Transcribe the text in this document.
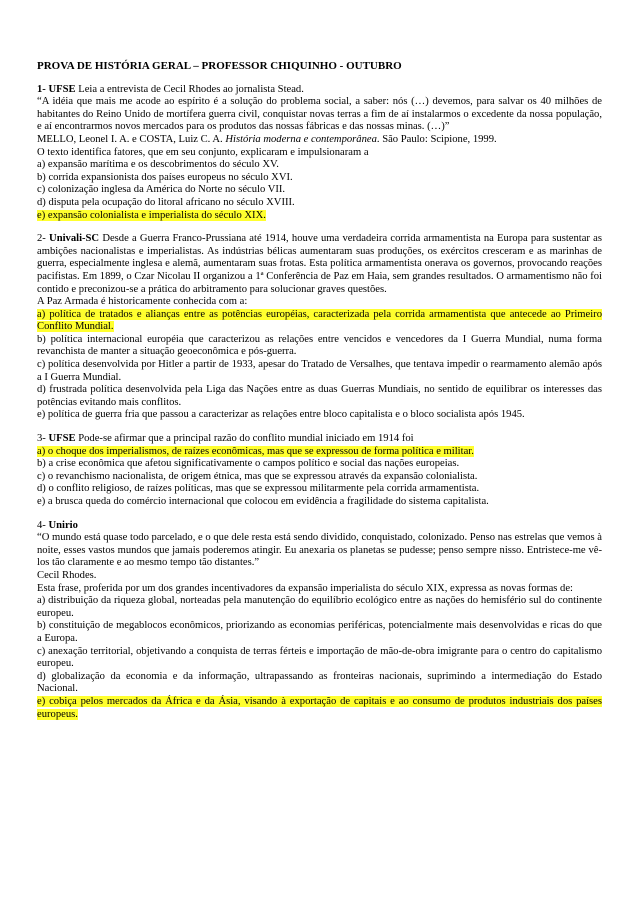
PROVA DE HISTÓRIA GERAL – PROFESSOR CHIQUINHO - OUTUBRO

1- UFSE Leia a entrevista de Cecil Rhodes ao jornalista Stead.

“A idéia que mais me acode ao espírito é a solução do problema social, a saber: nós (…) devemos, para salvar os 40 milhões de habitantes do Reino Unido de mortífera guerra civil, conquistar novas terras a fim de aí instalarmos o excedente da nossa população, e aí encontrarmos novos mercados para os produtos das nossas fábricas e das nossas minas. (…)”

MELLO, Leonel I. A. e COSTA, Luiz C. A. História moderna e contemporânea. São Paulo: Scipione, 1999.

O texto identifica fatores, que em seu conjunto, explicaram e impulsionaram a

a) expansão marítima e os descobrimentos do século XV.

b) corrida expansionista dos países europeus no século XVI.

c) colonização inglesa da América do Norte no século VII.

d) disputa pela ocupação do litoral africano no século XVIII.

e) expansão colonialista e imperialista do século XIX.

2- Univali-SC Desde a Guerra Franco-Prussiana até 1914, houve uma verdadeira corrida armamentista na Europa para sustentar as ambições nacionalistas e imperialistas. As indústrias bélicas aumentaram suas produções, os exércitos cresceram e as marinhas de guerra, especialmente inglesa e alemã, aumentaram suas frotas. Esta política armamentista onerava os governos, provocando reações pacifistas. Em 1899, o Czar Nicolau II organizou a 1ª Conferência de Paz em Haia, sem grandes resultados. O armamentismo não foi contido e preconizou-se a prática do arbitramento para solucionar graves questões.

A Paz Armada é historicamente conhecida com a:

a) política de tratados e alianças entre as potências européias, caracterizada pela corrida armamentista que antecede ao Primeiro Conflito Mundial.

b) política internacional européia que caracterizou as relações entre vencidos e vencedores da I Guerra Mundial, numa forma revanchista de manter a situação geoeconômica e pós-guerra.

c) política desenvolvida por Hitler a partir de 1933, apesar do Tratado de Versalhes, que tentava impedir o rearmamento alemão após a I Guerra Mundial.

d) frustrada política desenvolvida pela Liga das Nações entre as duas Guerras Mundiais, no sentido de equilibrar os interesses das potências evitando mais conflitos.

e) política de guerra fria que passou a caracterizar as relações entre bloco capitalista e o bloco socialista após 1945.

3- UFSE Pode-se afirmar que a principal razão do conflito mundial iniciado em 1914 foi

a) o choque dos imperialismos, de raízes econômicas, mas que se expressou de forma política e militar.

b) a crise econômica que afetou significativamente o campos político e social das nações europeias.

c) o revanchismo nacionalista, de origem étnica, mas que se expressou através da expansão colonialista.

d) o conflito religioso, de raízes políticas, mas que se expressou militarmente pela corrida armamentista.

e) a brusca queda do comércio internacional que colocou em evidência a fragilidade do sistema capitalista.

4- Unirio

“O mundo está quase todo parcelado, e o que dele resta está sendo dividido, conquistado, colonizado. Penso nas estrelas que vemos à noite, esses vastos mundos que jamais poderemos atingir. Eu anexaria os planetas se pudesse; penso sempre nisso. Entristece-me vê-los tão claramente e ao mesmo tempo tão distantes.”

Cecil Rhodes.

Esta frase, proferida por um dos grandes incentivadores da expansão imperialista do século XIX, expressa as novas formas de:

a) distribuição da riqueza global, norteadas pela manutenção do equilíbrio ecológico entre as nações do hemisfério sul do continente europeu.

b) constituição de megablocos econômicos, priorizando as economias periféricas, potencialmente mais desenvolvidas e ricas do que a Europa.

c) anexação territorial, objetivando a conquista de terras férteis e importação de mão-de-obra imigrante para o centro do capitalismo europeu.

d) globalização da economia e da informação, ultrapassando as fronteiras nacionais, suprimindo a intermediação do Estado Nacional.

e) cobiça pelos mercados da África e da Ásia, visando à exportação de capitais e ao consumo de produtos industriais dos países europeus.
